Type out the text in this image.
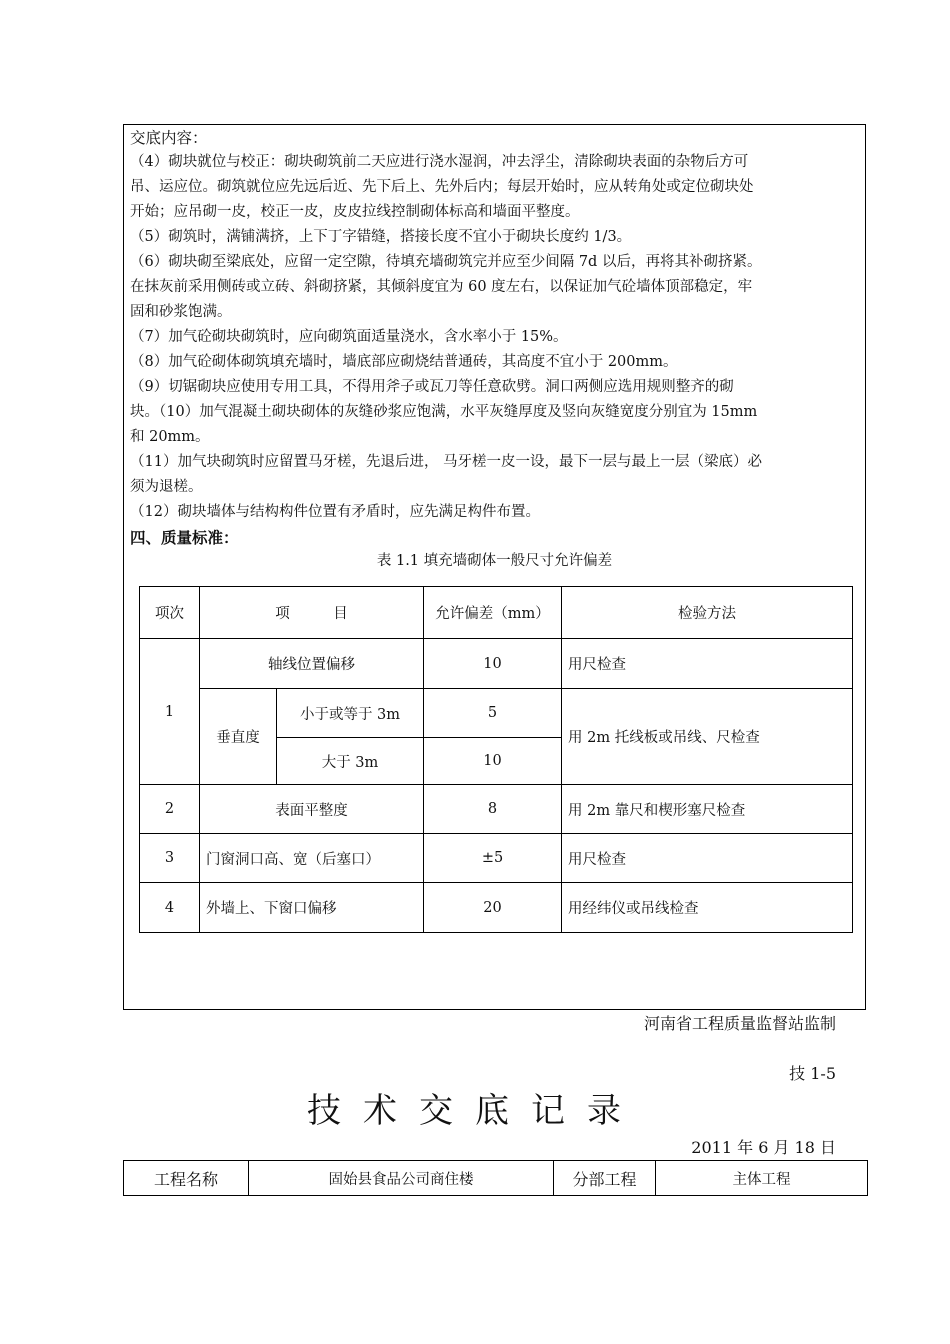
交底内容：
（4）砌块就位与校正：砌块砌筑前二天应进行浇水湿润，冲去浮尘，清除砌块表面的杂物后方可
吊、运应位。砌筑就位应先远后近、先下后上、先外后内；每层开始时，应从转角处或定位砌块处
开始；应吊砌一皮，校正一皮，皮皮拉线控制砌体标高和墙面平整度。
（5）砌筑时，满铺满挤，上下丁字错缝，搭接长度不宜小于砌块长度约 1/3。
（6）砌块砌至梁底处，应留一定空隙，待填充墙砌筑完并应至少间隔 7d 以后，再将其补砌挤紧。
在抹灰前采用侧砖或立砖、斜砌挤紧，其倾斜度宜为 60 度左右，以保证加气砼墙体顶部稳定，牢
固和砂浆饱满。
（7）加气砼砌块砌筑时，应向砌筑面适量浇水，含水率小于 15%。
（8）加气砼砌体砌筑填充墙时，墙底部应砌烧结普通砖，其高度不宜小于 200mm。
（9）切锯砌块应使用专用工具，不得用斧子或瓦刀等任意砍劈。洞口两侧应选用规则整齐的砌
块。（10）加气混凝土砌块砌体的灰缝砂浆应饱满，水平灰缝厚度及竖向灰缝宽度分别宜为 15mm
和 20mm。
（11）加气块砌筑时应留置马牙槎，先退后进， 马牙槎一皮一设，最下一层与最上一层（梁底）必
须为退槎。
（12）砌块墙体与结构构件位置有矛盾时，应先满足构件布置。
四、质量标准：
表 1.1 填充墙砌体一般尺寸允许偏差
项次	项　　　目		允许偏差（mm）	检验方法
1	轴线位置偏移		10	用尺检查
	垂直度	小于或等于 3m	5	用 2m 托线板或吊线、尺检查
		大于 3m	10	
2	表面平整度		8	用 2m 靠尺和楔形塞尺检查
3	门窗洞口高、宽（后塞口）		±5	用尺检查
4	外墙上、下窗口偏移		20	用经纬仪或吊线检查
河南省工程质量监督站监制
技 1-5
技术交底记录
2011 年 6 月 18 日
工程名称	固始县食品公司商住楼	分部工程	主体工程
